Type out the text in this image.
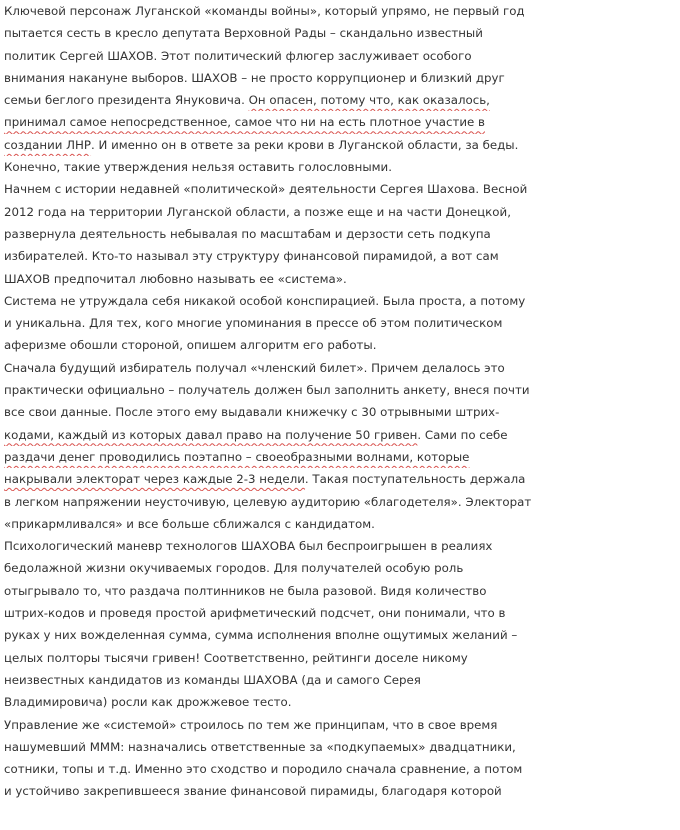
Ключевой персонаж Луганской «команды войны», который упрямо, не первый год
пытается сесть в кресло депутата Верховной Рады – скандально известный
политик Сергей ШАХОВ. Этот политический флюгер заслуживает особого
внимания накануне выборов. ШАХОВ – не просто коррупционер и близкий друг
семьи беглого президента Януковича. Он опасен, потому что, как оказалось,
принимал самое непосредственное, самое что ни на есть плотное участие в
создании ЛНР. И именно он в ответе за реки крови в Луганской области, за беды.
Конечно, такие утверждения нельзя оставить голословными.
Начнем с истории недавней «политической» деятельности Сергея Шахова. Весной
2012 года на территории Луганской области, а позже еще и на части Донецкой,
развернула деятельность небывалая по масштабам и дерзости сеть подкупа
избирателей. Кто-то называл эту структуру финансовой пирамидой, а вот сам
ШАХОВ предпочитал любовно называть ее «система».
Система не утруждала себя никакой особой конспирацией. Была проста, а потому
и уникальна. Для тех, кого многие упоминания в прессе об этом политическом
аферизме обошли стороной, опишем алгоритм его работы.
Сначала будущий избиратель получал «членский билет». Причем делалось это
практически официально – получатель должен был заполнить анкету, внеся почти
все свои данные. После этого ему выдавали книжечку с 30 отрывными штрих-
кодами, каждый из которых давал право на получение 50 гривен. Сами по себе
раздачи денег проводились поэтапно – своеобразными волнами, которые
накрывали электорат через каждые 2-3 недели. Такая поступательность держала
в легком напряжении неусточивую, целевую аудиторию «благодетеля». Электорат
«прикармливался» и все больше сближался с кандидатом.
Психологический маневр технологов ШАХОВА был беспроигрышен в реалиях
бедолажной жизни окучиваемых городов. Для получателей особую роль
отыгрывало то, что раздача полтинников не была разовой. Видя количество
штрих-кодов и проведя простой арифметический подсчет, они понимали, что в
руках у них вожделенная сумма, сумма исполнения вполне ощутимых желаний –
целых полторы тысячи гривен! Соответственно, рейтинги доселе никому
неизвестных кандидатов из команды ШАХОВА (да и самого Серея
Владимировича) росли как дрожжевое тесто.
Управление же «системой» строилось по тем же принципам, что в свое время
нашумевший МММ: назначались ответственные за «подкупаемых» двадцатники,
сотники, топы и т.д. Именно это сходство и породило сначала сравнение, а потом
и устойчиво закрепившееся звание финансовой пирамиды, благодаря которой
